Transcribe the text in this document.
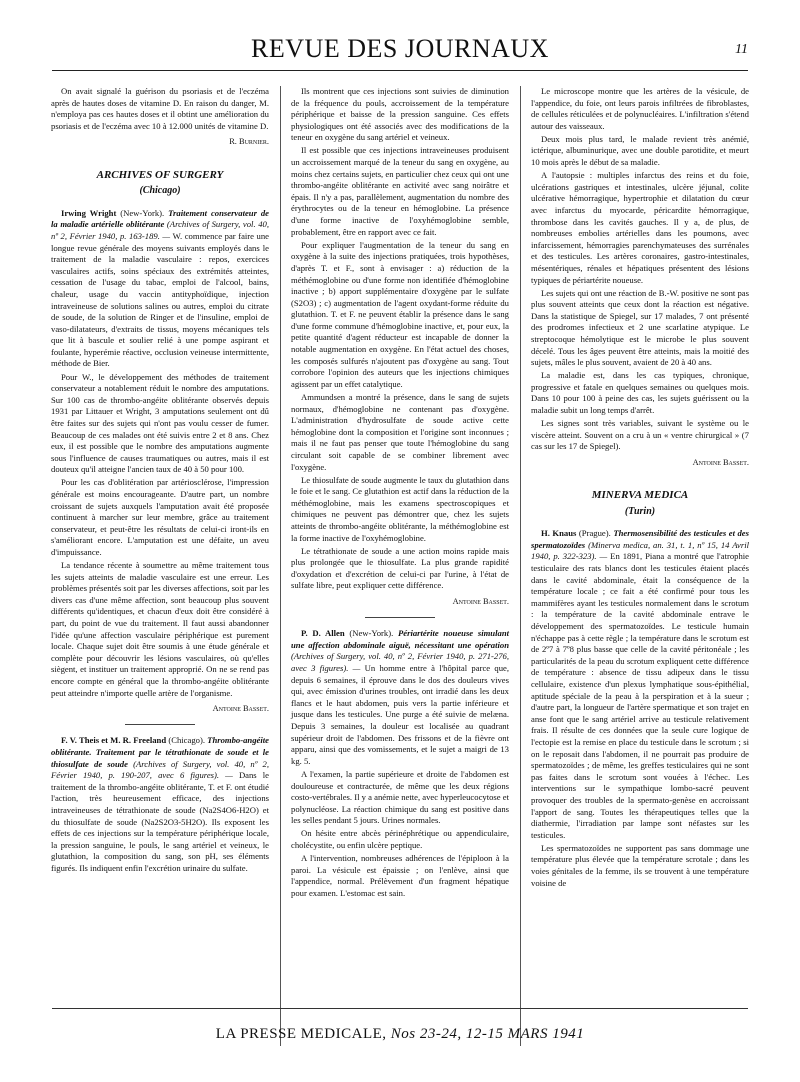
REVUE DES JOURNAUX	11

On avait signalé la guérison du psoriasis et de l'eczéma après de hautes doses de vitamine D. En raison du danger, M. n'employa pas ces hautes doses et il obtint une amélioration du psoriasis et de l'eczéma avec 10 à 12.000 unités de vitamine D.

R. Burnier.
ARCHIVES OF SURGERY
(Chicago)

Irwing Wright (New-York). Traitement conservateur de la maladie artérielle oblitérante (Archives of Surgery, vol. 40, nº 2, Février 1940, p. 163-189. — W. commence par faire une longue revue générale des moyens suivants employés dans le traitement de la maladie vasculaire : repos, exercices vasculaires actifs, soins spéciaux des extrémités atteintes, cessation de l'usage du tabac, emploi de l'alcool, bains, chaleur, usage du vaccin antityphoïdique, injection intraveineuse de solutions salines ou autres, emploi du citrate de soude, de la solution de Ringer et de l'insuline, emploi de vaso-dilatateurs, d'extraits de tissus, moyens mécaniques tels que lit à bascule et soulier relié à une pompe aspirant et foulante, hyperémie réactive, occlusion veineuse intermittente, méthode de Bier.

Pour W., le développement des méthodes de traitement conservateur a notablement réduit le nombre des amputations. Sur 100 cas de thrombo-angéite oblitérante observés depuis 1931 par Littauer et Wright, 3 amputations seulement ont dû être faites sur des sujets qui n'ont pas voulu cesser de fumer. Beaucoup de ces malades ont été suivis entre 2 et 8 ans. Chez eux, il est possible que le nombre des amputations augmente sous l'influence de causes traumatiques ou autres, mais il est douteux qu'il atteigne l'ancien taux de 40 à 50 pour 100.

Pour les cas d'oblitération par artériosclérose, l'impression générale est moins encourageante. D'autre part, un nombre croissant de sujets auxquels l'amputation avait été proposée continuent à marcher sur leur membre, grâce au traitement conservateur, et peut-être les résultats de celui-ci iront-ils en s'améliorant encore. L'amputation est une défaite, un aveu d'impuissance.

La tendance récente à soumettre au même traitement tous les sujets atteints de maladie vasculaire est une erreur. Les problèmes présentés soit par les diverses affections, soit par les divers cas d'une même affection, sont beaucoup plus souvent différents qu'identiques, et chacun d'eux doit être considéré à part, du point de vue du traitement. Il faut aussi abandonner l'idée qu'une affection vasculaire périphérique est purement locale. Chaque sujet doit être soumis à une étude générale et complète pour découvrir les lésions vasculaires, où qu'elles siègent, et instituer un traitement approprié. On ne se rend pas encore compte en général que la thrombo-angéite oblitérante peut atteindre n'importe quelle artère de l'organisme.

Antoine Basset.

F. V. Theis et M. R. Freeland (Chicago). Thrombo-angéite oblitérante. Traitement par le tétrathionate de soude et le thiosulfate de soude (Archives of Surgery, vol. 40, nº 2, Février 1940, p. 190-207, avec 6 figures). — Dans le traitement de la thrombo-angéite oblitérante, T. et F. ont étudié l'action, très heureusement efficace, des injections intraveineuses de tétrathionate de soude (Na2S4O6-H2O) et du thiosulfate de soude (Na2S2O3-5H2O). Ils exposent les effets de ces injections sur la température périphérique locale, la pression sanguine, le pouls, le sang artériel et veineux, le glutathion, la composition du sang, son pH, ses éléments figurés. Ils indiquent enfin l'excrétion urinaire du sulfate.

Ils montrent que ces injections sont suivies de diminution de la fréquence du pouls, accroissement de la température périphérique et baisse de la pression sanguine. Ces effets physiologiques ont été associés avec des modifications de la teneur en oxygène du sang artériel et veineux.

Il est possible que ces injections intraveineuses produisent un accroissement marqué de la teneur du sang en oxygène, au moins chez certains sujets, en particulier chez ceux qui ont une thrombo-angéite oblitérante en activité avec sang noirâtre et épais. Il n'y a pas, parallèlement, augmentation du nombre des érythrocytes ou de la teneur en hémoglobine. La présence d'une forme inactive de l'oxyhémoglobine semble, probablement, être en rapport avec ce fait.

Pour expliquer l'augmentation de la teneur du sang en oxygène à la suite des injections pratiquées, trois hypothèses, d'après T. et F., sont à envisager : a) réduction de la méthémoglobine ou d'une forme non identifiée d'hémoglobine inactive ; b) apport supplémentaire d'oxygène par le sulfate (S2O3) ; c) augmentation de l'agent oxydant-forme réduite du glutathion. T. et F. ne peuvent établir la présence dans le sang d'une forme commune d'hémoglobine inactive, et, pour eux, la petite quantité d'agent réducteur est incapable de donner la notable augmentation en oxygène. En l'état actuel des choses, les composés sulfurés n'ajoutent pas d'oxygène au sang. Tout corrobore l'opinion des auteurs que les injections chimiques agissent par un effet catalytique.

Ammundsen a montré la présence, dans le sang de sujets normaux, d'hémoglobine ne contenant pas d'oxygène. L'administration d'hydrosulfate de soude active cette hémoglobine dont la composition et l'origine sont inconnues ; mais il ne faut pas penser que toute l'hémoglobine du sang circulant soit capable de se combiner librement avec l'oxygène.

Le thiosulfate de soude augmente le taux du glutathion dans le foie et le sang. Ce glutathion est actif dans la réduction de la méthémoglobine, mais les examens spectroscopiques et chimiques ne peuvent pas démontrer que, chez les sujets atteints de thrombo-angéite oblitérante, la méthémoglobine est la forme inactive de l'oxyhémoglobine.

Le tétrathionate de soude a une action moins rapide mais plus prolongée que le thiosulfate. La plus grande rapidité d'oxydation et d'excrétion de celui-ci par l'urine, à l'état de sulfate libre, peut expliquer cette différence.

Antoine Basset.

P. D. Allen (New-York). Périartérite noueuse simulant une affection abdominale aiguë, nécessitant une opération (Archives of Surgery, vol. 40, nº 2, Février 1940, p. 271-276, avec 3 figures). — Un homme entre à l'hôpital parce que, depuis 6 semaines, il éprouve dans le dos des douleurs vives qui, avec émission d'urines troubles, ont irradié dans les deux flancs et le haut abdomen, puis vers la partie inférieure et jusque dans les testicules. Une purge a été suivie de melæna. Depuis 3 semaines, la douleur est localisée au quadrant supérieur droit de l'abdomen. Des frissons et de la fièvre ont apparu, ainsi que des vomissements, et le sujet a maigri de 13 kg. 5.

A l'examen, la partie supérieure et droite de l'abdomen est douloureuse et contracturée, de même que les deux régions costo-vertébrales. Il y a anémie nette, avec hyperleucocytose et polynucléose. La réaction chimique du sang est positive dans les selles pendant 5 jours. Urines normales.

On hésite entre abcès périnéphrétique ou appendiculaire, cholécystite, ou enfin ulcère peptique.

A l'intervention, nombreuses adhérences de l'épiploon à la paroi. La vésicule est épaissie ; on l'enlève, ainsi que l'appendice, normal. Prélèvement d'un fragment hépatique pour examen. L'estomac est sain.

Le microscope montre que les artères de la vésicule, de l'appendice, du foie, ont leurs parois infiltrées de fibroblastes, de cellules réticulées et de polynucléaires. L'infiltration s'étend autour des vaisseaux.

Deux mois plus tard, le malade revient très anémié, ictérique, albuminurique, avec une double parotidite, et meurt 10 mois après le début de sa maladie.

A l'autopsie : multiples infarctus des reins et du foie, ulcérations gastriques et intestinales, ulcère jéjunal, colite ulcérative hémorragique, hypertrophie et dilatation du cœur avec infarctus du myocarde, péricardite hémorragique, thrombose dans les cavités gauches. Il y a, de plus, de nombreuses embolies artérielles dans les poumons, avec infarcissement, hémorragies parenchymateuses des surrénales et des testicules. Les artères coronaires, gastro-intestinales, mésentériques, rénales et hépatiques présentent des lésions typiques de périartérite noueuse.

Les sujets qui ont une réaction de B.-W. positive ne sont pas plus souvent atteints que ceux dont la réaction est négative. Dans la statistique de Spiegel, sur 17 malades, 7 ont présenté des prodromes infectieux et 2 une scarlatine atypique. Le streptocoque hémolytique est le microbe le plus souvent décelé. Tous les âges peuvent être atteints, mais la moitié des sujets, mâles le plus souvent, avaient de 20 à 40 ans.

La maladie est, dans les cas typiques, chronique, progressive et fatale en quelques semaines ou quelques mois. Dans 10 pour 100 à peine des cas, les sujets guérissent ou la maladie subit un long temps d'arrêt.

Les signes sont très variables, suivant le système ou le viscère atteint. Souvent on a cru à un « ventre chirurgical » (7 cas sur les 17 de Spiegel).

Antoine Basset.
MINERVA MEDICA
(Turin)

H. Knaus (Prague). Thermosensibilité des testicules et des spermatozoïdes (Minerva medica, an. 31, t. 1, nº 15, 14 Avril 1940, p. 322-323). — En 1891, Piana a montré que l'atrophie testiculaire des rats blancs dont les testicules étaient placés dans le cavité abdominale, était la conséquence de la température locale ; ce fait a été confirmé pour tous les mammifères ayant les testicules normalement dans le scrotum : la température de la cavité abdominale entrave le développement des spermatozoïdes. Le testicule humain n'échappe pas à cette règle ; la température dans le scrotum est de 2º7 à 7º8 plus basse que celle de la cavité péritonéale ; les particularités de la peau du scrotum expliquent cette différence de température : absence de tissu adipeux dans le tissu cellulaire, existence d'un plexus lymphatique sous-épithélial, aptitude spéciale de la peau à la perspiration et à la sueur ; d'autre part, la longueur de l'artère spermatique et son trajet en anse font que le sang artériel arrive au testicule relativement frais. Il résulte de ces données que la seule cure logique de l'ectopie est la remise en place du testicule dans le scrotum ; si on le reposait dans l'abdomen, il ne pourrait pas produire de spermatozoïdes ; de même, les greffes testiculaires qui ne sont pas faites dans le scrotum sont vouées à l'échec. Les interventions sur le sympathique lombo-sacré peuvent provoquer des troubles de la spermato-genèse en accroissant l'apport de sang. Toutes les thérapeutiques telles que la diathermie, l'irradiation par lampe sont néfastes sur les testicules.

Les spermatozoïdes ne supportent pas sans dommage une température plus élevée que la température scrotale ; dans les voies génitales de la femme, ils se trouvent à une température voisine de

LA PRESSE MEDICALE, Nos 23-24, 12-15 MARS 1941
